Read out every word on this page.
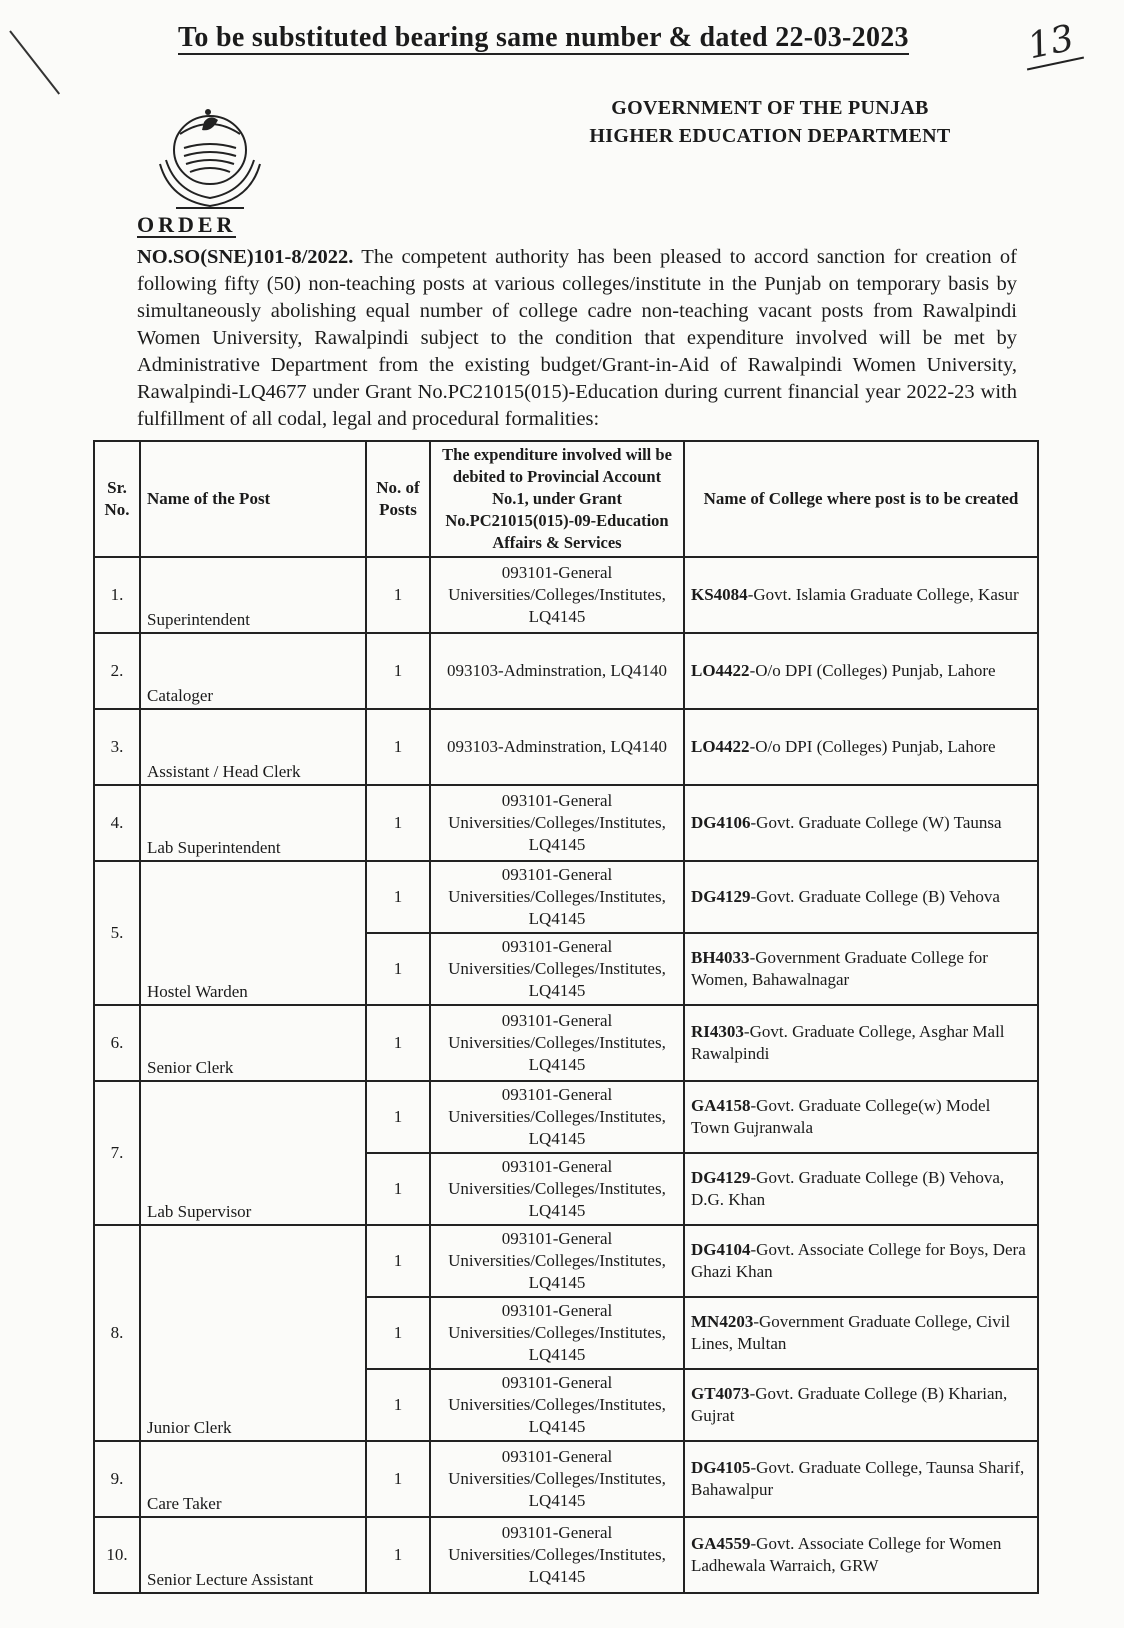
To be substituted bearing same number & dated 22-03-2023	13
GOVERNMENT OF THE PUNJAB
HIGHER EDUCATION DEPARTMENT
ORDER
NO.SO(SNE)101-8/2022. The competent authority has been pleased to accord sanction for creation of following fifty (50) non-teaching posts at various colleges/institute in the Punjab on temporary basis by simultaneously abolishing equal number of college cadre non-teaching vacant posts from Rawalpindi Women University, Rawalpindi subject to the condition that expenditure involved will be met by Administrative Department from the existing budget/Grant-in-Aid of Rawalpindi Women University, Rawalpindi-LQ4677 under Grant No.PC21015(015)-Education during current financial year 2022-23 with fulfillment of all codal, legal and procedural formalities:
Sr. No.	Name of the Post	No. of Posts	The expenditure involved will be debited to Provincial Account No.1, under Grant No.PC21015(015)-09-Education Affairs & Services	Name of College where post is to be created
1.	Superintendent	1	093101-General Universities/Colleges/Institutes, LQ4145	KS4084-Govt. Islamia Graduate College, Kasur
2.	Cataloger	1	093103-Adminstration, LQ4140	LO4422-O/o DPI (Colleges) Punjab, Lahore
3.	Assistant / Head Clerk	1	093103-Adminstration, LQ4140	LO4422-O/o DPI (Colleges) Punjab, Lahore
4.	Lab Superintendent	1	093101-General Universities/Colleges/Institutes, LQ4145	DG4106-Govt. Graduate College (W) Taunsa
5.	Hostel Warden	1	093101-General Universities/Colleges/Institutes, LQ4145	DG4129-Govt. Graduate College (B) Vehova
		1	093101-General Universities/Colleges/Institutes, LQ4145	BH4033-Government Graduate College for Women, Bahawalnagar
6.	Senior Clerk	1	093101-General Universities/Colleges/Institutes, LQ4145	RI4303-Govt. Graduate College, Asghar Mall Rawalpindi
7.	Lab Supervisor	1	093101-General Universities/Colleges/Institutes, LQ4145	GA4158-Govt. Graduate College(w) Model Town Gujranwala
		1	093101-General Universities/Colleges/Institutes, LQ4145	DG4129-Govt. Graduate College (B) Vehova, D.G. Khan
8.	Junior Clerk	1	093101-General Universities/Colleges/Institutes, LQ4145	DG4104-Govt. Associate College for Boys, Dera Ghazi Khan
		1	093101-General Universities/Colleges/Institutes, LQ4145	MN4203-Government Graduate College, Civil Lines, Multan
		1	093101-General Universities/Colleges/Institutes, LQ4145	GT4073-Govt. Graduate College (B) Kharian, Gujrat
9.	Care Taker	1	093101-General Universities/Colleges/Institutes, LQ4145	DG4105-Govt. Graduate College, Taunsa Sharif, Bahawalpur
10.	Senior Lecture Assistant	1	093101-General Universities/Colleges/Institutes, LQ4145	GA4559-Govt. Associate College for Women Ladhewala Warraich, GRW
